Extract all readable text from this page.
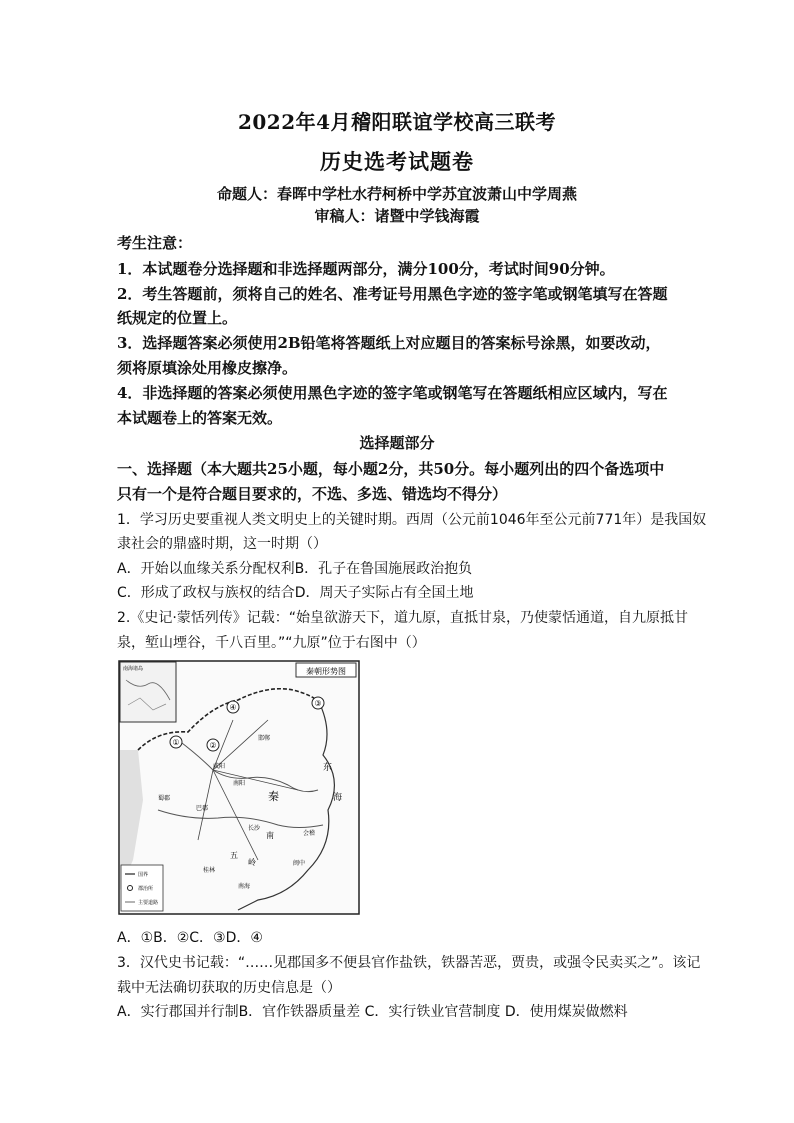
2022年4月稽阳联谊学校高三联考
历史选考试题卷
命题人：春晖中学杜水荇柯桥中学苏宜波萧山中学周燕
审稿人：诸暨中学钱海霞
考生注意：
1．本试题卷分选择题和非选择题两部分，满分100分，考试时间90分钟。
2．考生答题前，须将自己的姓名、准考证号用黑色字迹的签字笔或钢笔填写在答题
纸规定的位置上。
3．选择题答案必须使用2B铅笔将答题纸上对应题目的答案标号涂黑，如要改动，
须将原填涂处用橡皮擦净。
4．非选择题的答案必须使用黑色字迹的签字笔或钢笔写在答题纸相应区域内，写在
本试题卷上的答案无效。
选择题部分
一、选择题（本大题共25小题，每小题2分，共50分。每小题列出的四个备选项中
只有一个是符合题目要求的，不选、多选、错选均不得分）
1．学习历史要重视人类文明史上的关键时期。西周（公元前1046年至公元前771年）是我国奴
隶社会的鼎盛时期，这一时期（）
A．开始以血缘关系分配权利B．孔子在鲁国施展政治抱负
C．形成了政权与族权的结合D．周天子实际占有全国土地
2.《史记·蒙恬列传》记载：“始皇欲游天下，道九原，直抵甘泉，乃使蒙恬通道，自九原抵甘
泉，堑山堙谷，千八百里。”“九原”位于右图中（）
秦朝形势图
南海诸岛
①	②
③
④
咸阳
秦
东
海
南
五
岭
邯郸
会稽
长沙
桂林
南海
闽中
蜀郡
巴郡
南阳
国界
郡治所
主要道路
A．①B．②C．③D．④
3．汉代史书记载：“……见郡国多不便县官作盐铁，铁器苦恶，贾贵，或强令民卖买之”。该记
载中无法确切获取的历史信息是（）
A．实行郡国并行制B．官作铁器质量差 C．实行铁业官营制度 D．使用煤炭做燃料
